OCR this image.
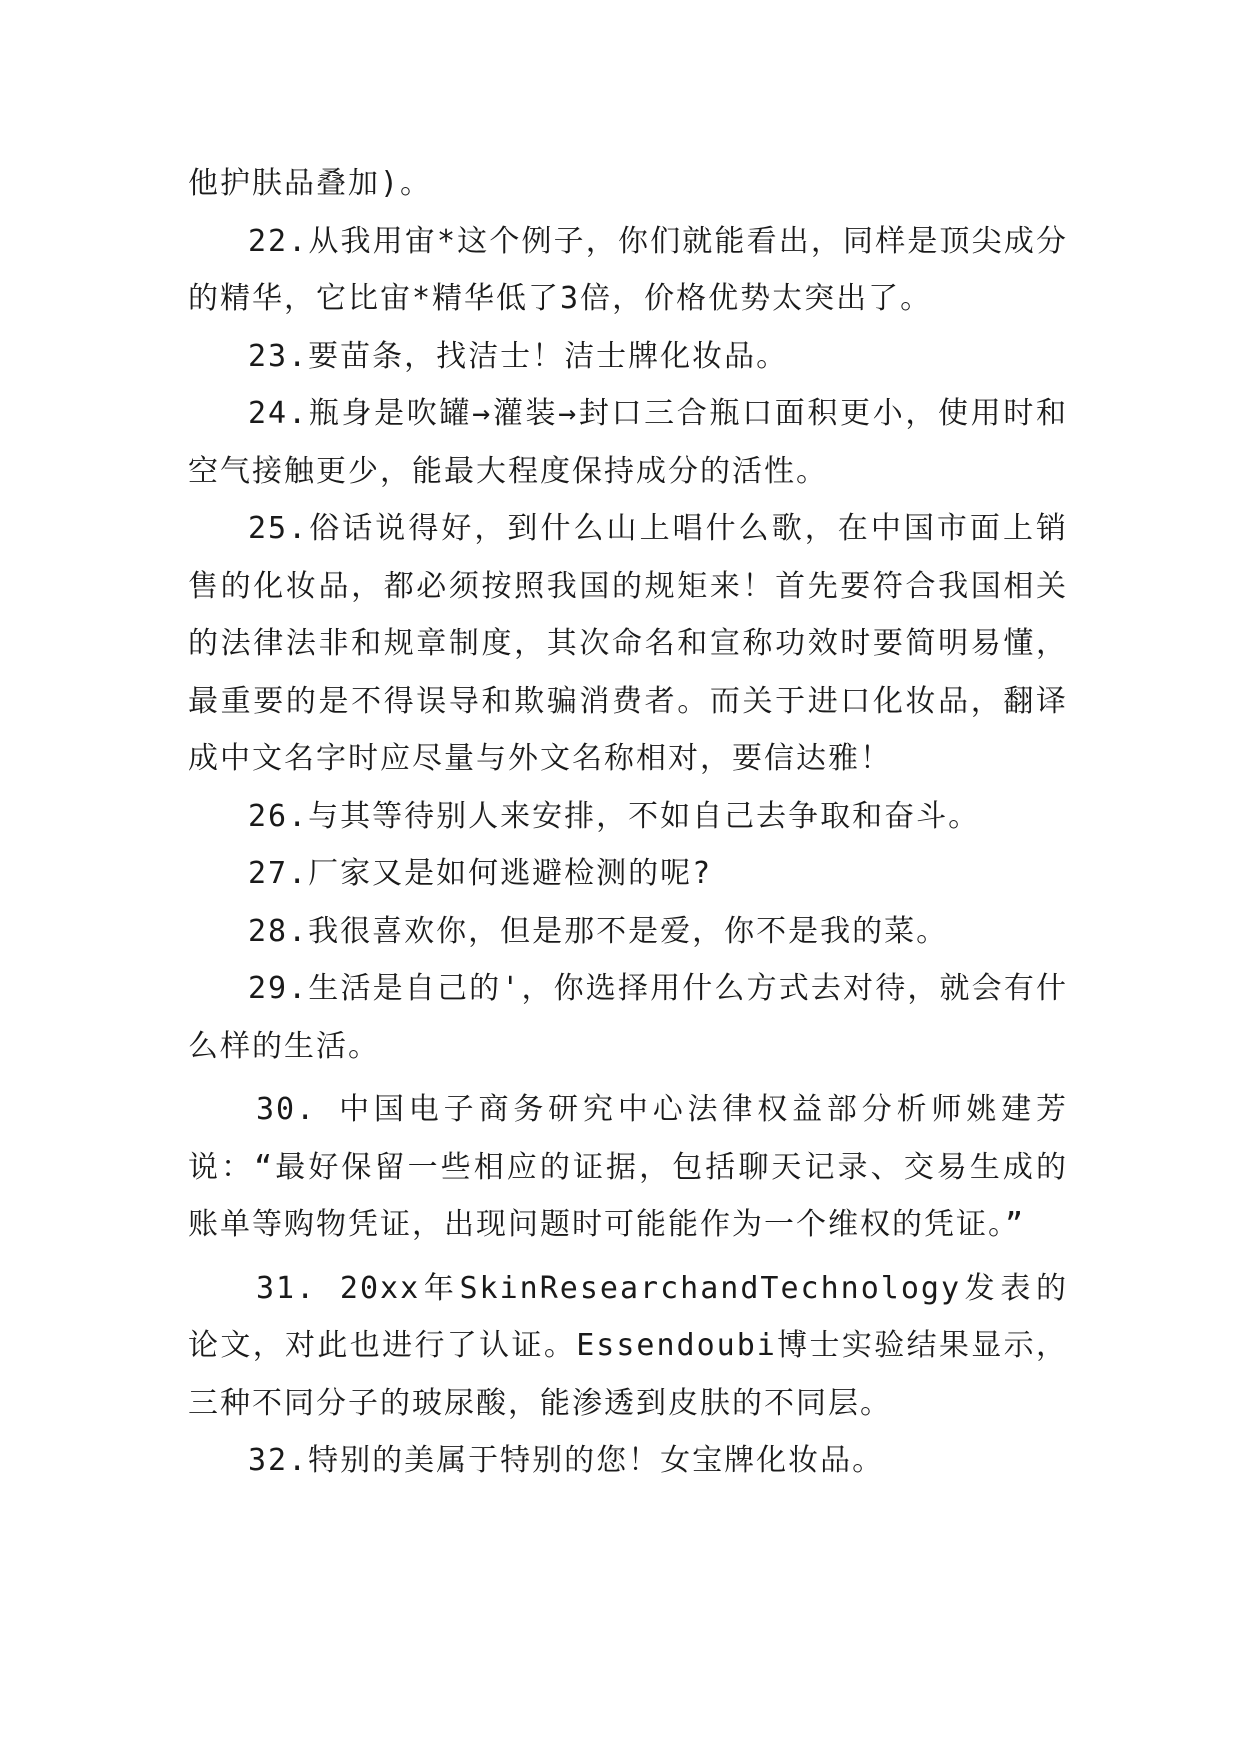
他护肤品叠加)。

22.从我用宙*这个例子，你们就能看出，同样是顶尖成分的精华，它比宙*精华低了3倍，价格优势太突出了。

23.要苗条，找洁士！洁士牌化妆品。

24.瓶身是吹罐→灌装→封口三合瓶口面积更小，使用时和空气接触更少，能最大程度保持成分的活性。

25.俗话说得好，到什么山上唱什么歌，在中国市面上销售的化妆品，都必须按照我国的规矩来！首先要符合我国相关的法律法非和规章制度，其次命名和宣称功效时要简明易懂，最重要的是不得误导和欺骗消费者。而关于进口化妆品，翻译成中文名字时应尽量与外文名称相对，要信达雅！

26.与其等待别人来安排，不如自己去争取和奋斗。

27.厂家又是如何逃避检测的呢?

28.我很喜欢你，但是那不是爱，你不是我的菜。

29.生活是自己的'，你选择用什么方式去对待，就会有什么样的生活。

30. 中国电子商务研究中心法律权益部分析师姚建芳说：“最好保留一些相应的证据，包括聊天记录、交易生成的账单等购物凭证，出现问题时可能能作为一个维权的凭证。”

31. 20xx年SkinResearchandTechnology发表的论文，对此也进行了认证。Essendoubi博士实验结果显示，三种不同分子的玻尿酸，能渗透到皮肤的不同层。

32.特别的美属于特别的您！女宝牌化妆品。
